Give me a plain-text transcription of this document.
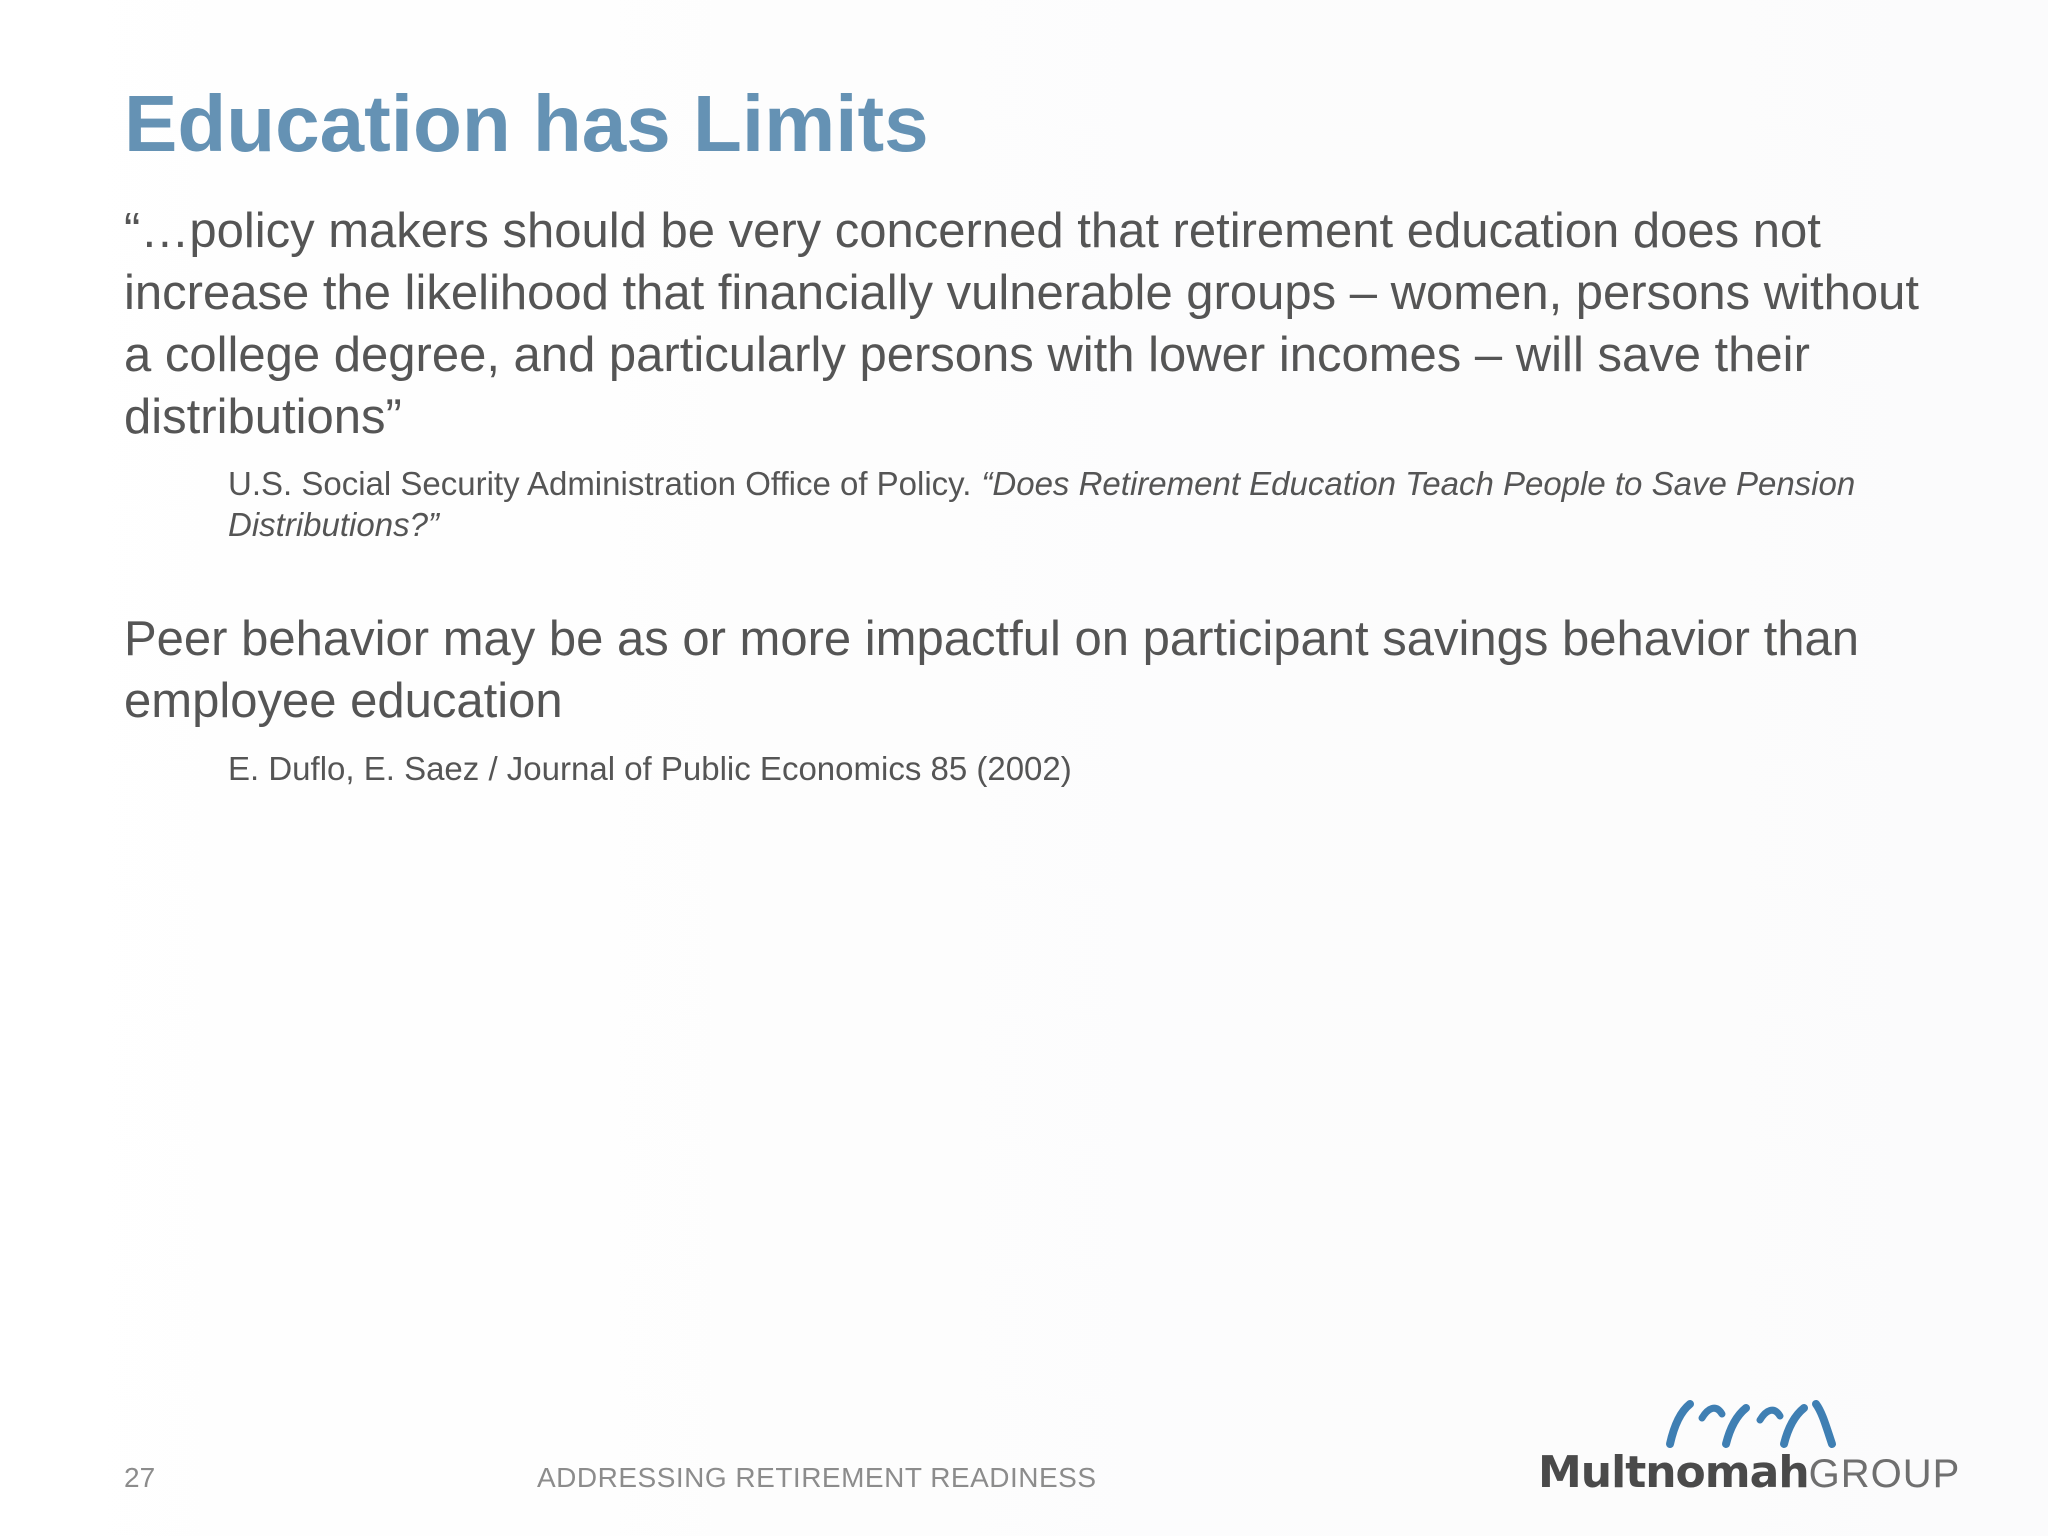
Education has Limits

“…policy makers should be very concerned that retirement education does not increase the likelihood that financially vulnerable groups – women, persons without a college degree, and particularly persons with lower incomes – will save their distributions”

U.S. Social Security Administration Office of Policy. “Does Retirement Education Teach People to Save Pension Distributions?”

Peer behavior may be as or more impactful on participant savings behavior than employee education

E. Duflo, E. Saez / Journal of Public Economics 85 (2002)

27	ADDRESSING RETIREMENT READINESS	MultnomahGROUP
